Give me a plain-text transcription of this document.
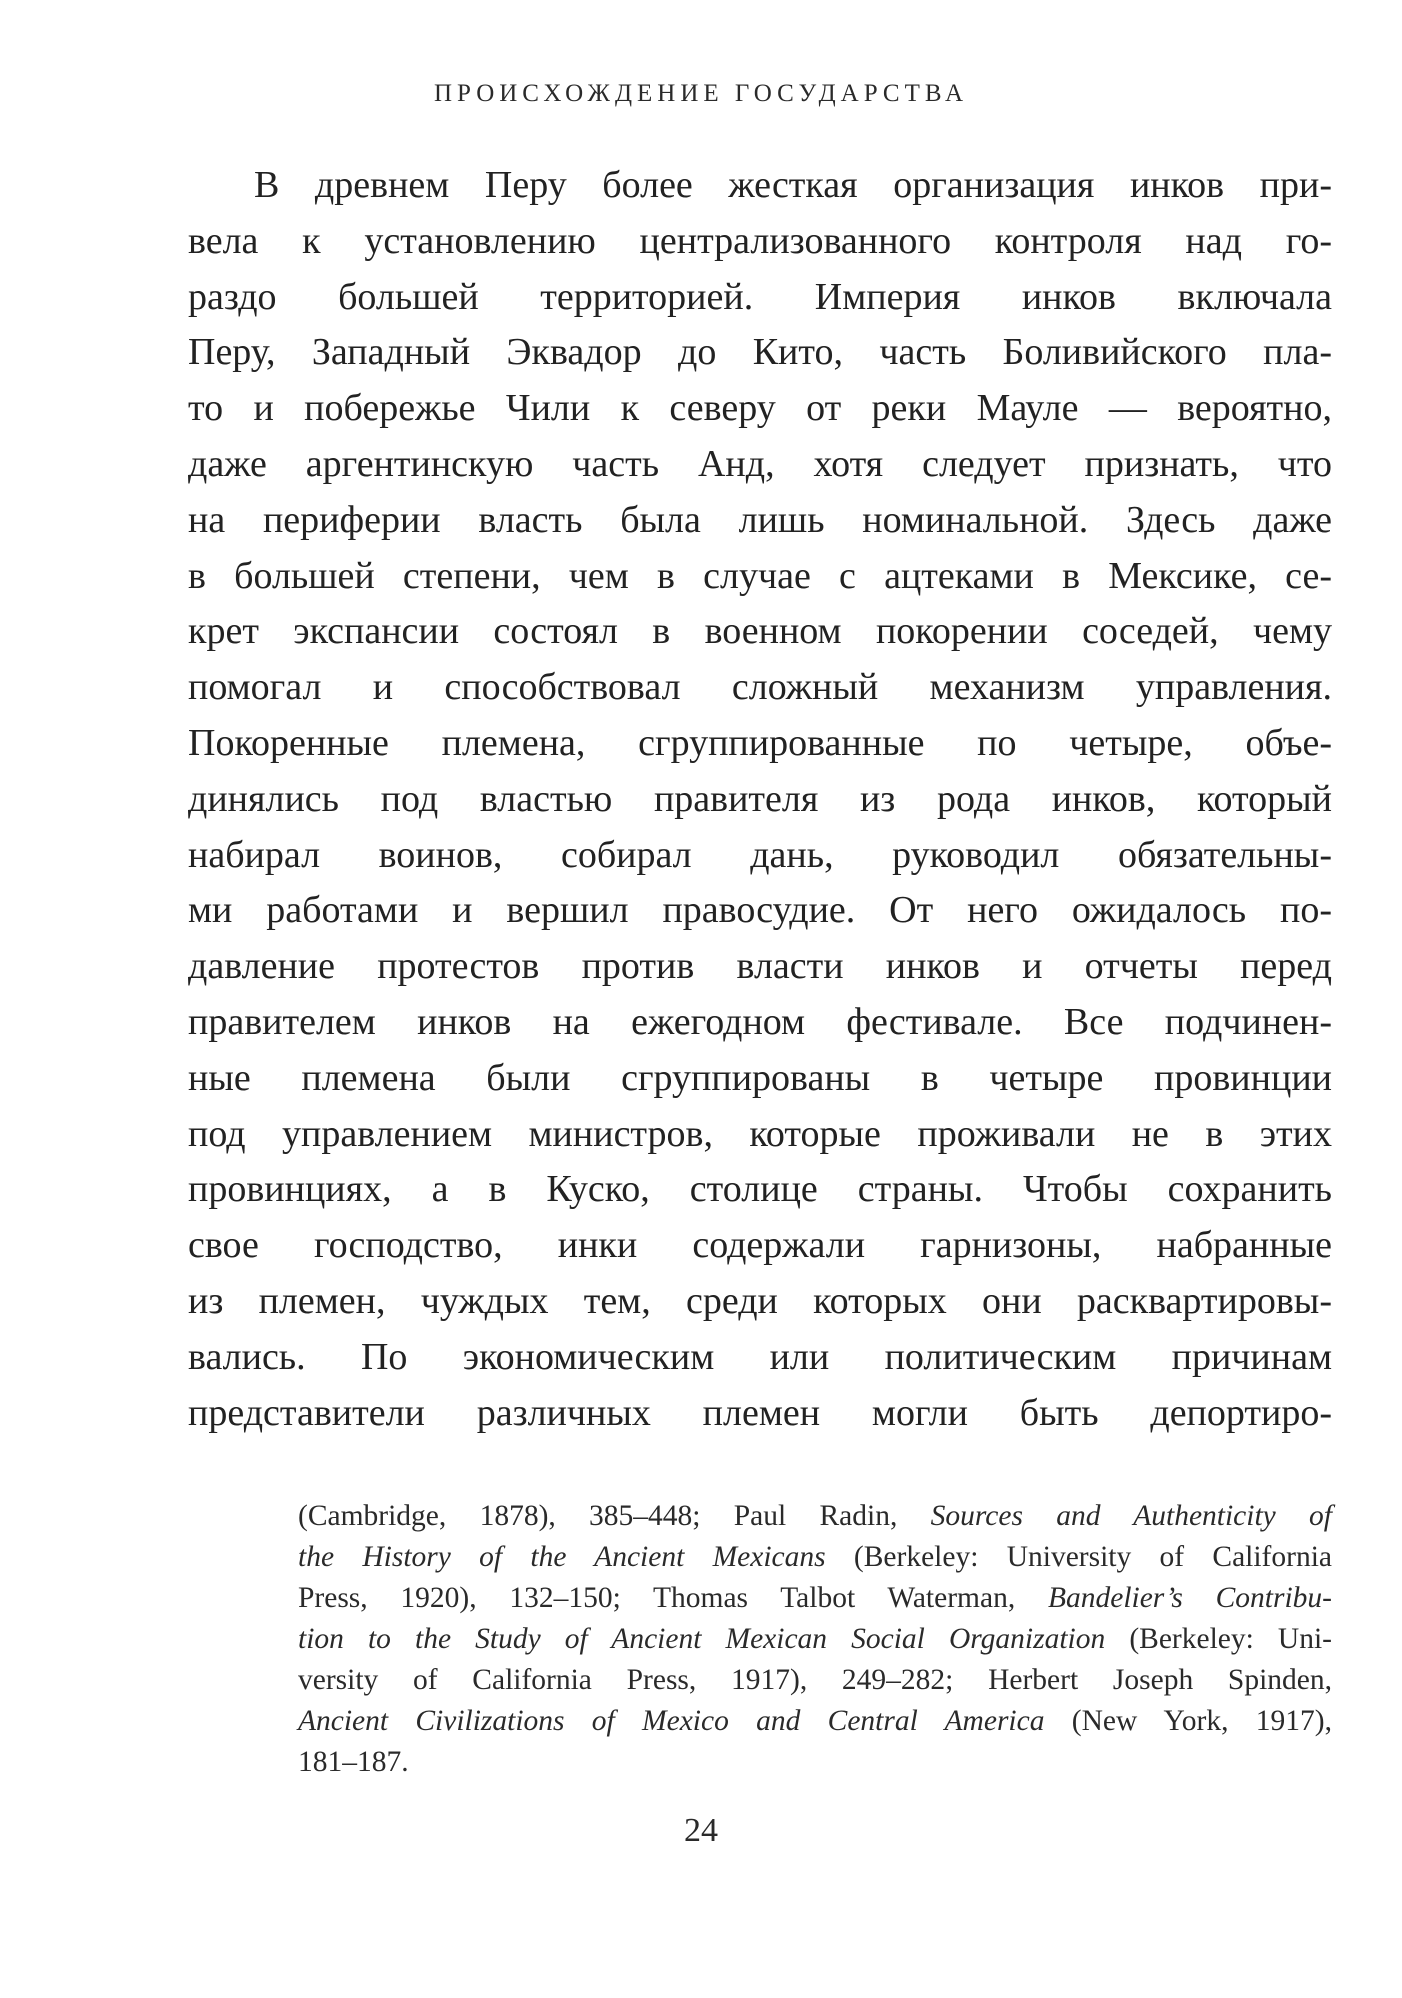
ПРОИСХОЖДЕНИЕ ГОСУДАРСТВА
В древнем Перу более жесткая организация инков при-
вела к установлению централизованного контроля над го-
раздо большей территорией. Империя инков включала
Перу, Западный Эквадор до Кито, часть Боливийского пла-
то и побережье Чили к северу от реки Мауле — вероятно,
даже аргентинскую часть Анд, хотя следует признать, что
на периферии власть была лишь номинальной. Здесь даже
в большей степени, чем в случае с ацтеками в Мексике, се-
крет экспансии состоял в военном покорении соседей, чему
помогал и способствовал сложный механизм управления.
Покоренные племена, сгруппированные по четыре, объе-
динялись под властью правителя из рода инков, который
набирал воинов, собирал дань, руководил обязательны-
ми работами и вершил правосудие. От него ожидалось по-
давление протестов против власти инков и отчеты перед
правителем инков на ежегодном фестивале. Все подчинен-
ные племена были сгруппированы в четыре провинции
под управлением министров, которые проживали не в этих
провинциях, а в Куско, столице страны. Чтобы сохранить
свое господство, инки содержали гарнизоны, набранные
из племен, чуждых тем, среди которых они расквартировы-
вались. По экономическим или политическим причинам
представители различных племен могли быть депортиро-
(Cambridge, 1878), 385–448; Paul Radin, Sources and Authenticity of
the History of the Ancient Mexicans (Berkeley: University of California
Press, 1920), 132–150; Thomas Talbot Waterman, Bandelier’s Contribu-
tion to the Study of Ancient Mexican Social Organization (Berkeley: Uni-
versity of California Press, 1917), 249–282; Herbert Joseph Spinden,
Ancient Civilizations of Mexico and Central America (New York, 1917),
181–187.
24
